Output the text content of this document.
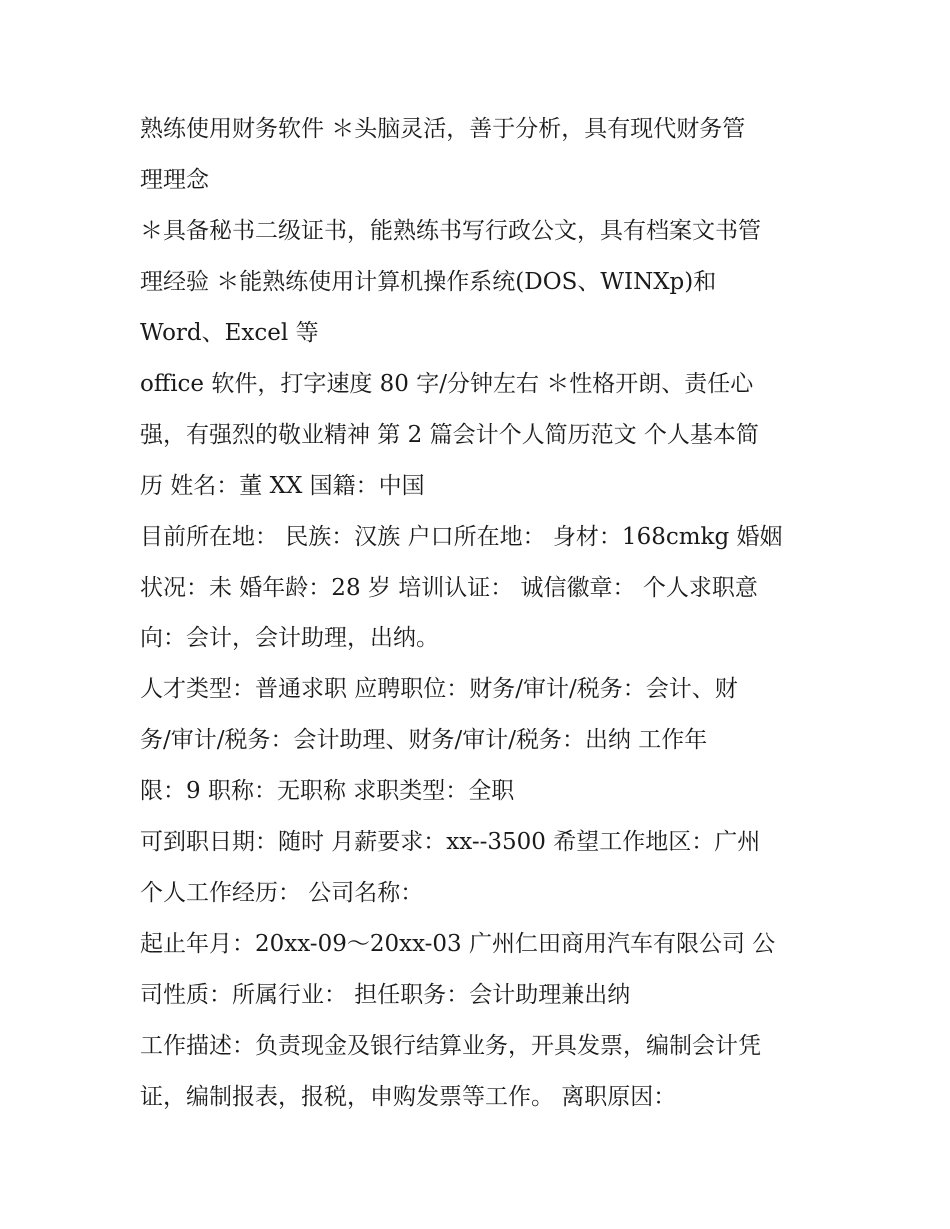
熟练使用财务软件 ＊头脑灵活，善于分析，具有现代财务管
理理念
＊具备秘书二级证书，能熟练书写行政公文，具有档案文书管
理经验 ＊能熟练使用计算机操作系统(DOS、WINXp)和
Word、Excel 等
office 软件，打字速度 80 字/分钟左右 ＊性格开朗、责任心
强，有强烈的敬业精神 第 2 篇会计个人简历范文 个人基本简
历 姓名：董 XX 国籍：中国
目前所在地： 民族：汉族 户口所在地： 身材：168cmkg 婚姻
状况：未 婚年龄：28 岁 培训认证： 诚信徽章： 个人求职意
向：会计，会计助理，出纳。
人才类型：普通求职 应聘职位：财务/审计/税务：会计、财
务/审计/税务：会计助理、财务/审计/税务：出纳 工作年
限：9 职称：无职称 求职类型：全职
可到职日期：随时 月薪要求：xx--3500 希望工作地区：广州
个人工作经历： 公司名称：
起止年月：20xx-09～20xx-03 广州仁田商用汽车有限公司 公
司性质：所属行业： 担任职务：会计助理兼出纳
工作描述：负责现金及银行结算业务，开具发票，编制会计凭
证，编制报表，报税，申购发票等工作。 离职原因：
